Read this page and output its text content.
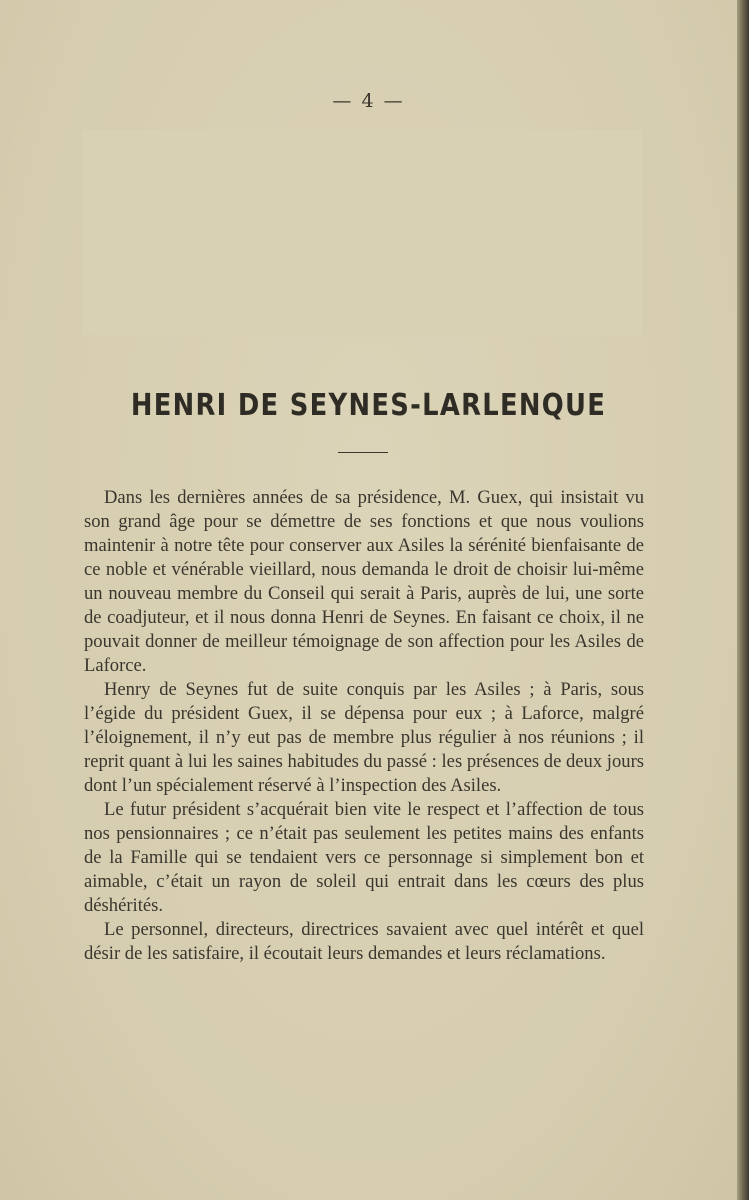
— 4 —
HENRI DE SEYNES-LARLENQUE

Dans les dernières années de sa présidence, M. Guex, qui insistait vu son grand âge pour se démettre de ses fonctions et que nous voulions maintenir à notre tête pour conserver aux Asiles la sérénité bienfaisante de ce noble et vénérable vieillard, nous demanda le droit de choisir lui-même un nouveau membre du Conseil qui serait à Paris, auprès de lui, une sorte de coadjuteur, et il nous donna Henri de Seynes. En faisant ce choix, il ne pouvait donner de meilleur témoignage de son affection pour les Asiles de Laforce.

Henry de Seynes fut de suite conquis par les Asiles ; à Paris, sous l’égide du président Guex, il se dépensa pour eux ; à Laforce, malgré l’éloignement, il n’y eut pas de membre plus régulier à nos réunions ; il reprit quant à lui les saines habitudes du passé : les présences de deux jours dont l’un spécialement réservé à l’inspection des Asiles.

Le futur président s’acquérait bien vite le respect et l’affection de tous nos pensionnaires ; ce n’était pas seulement les petites mains des enfants de la Famille qui se tendaient vers ce personnage si simplement bon et aimable, c’était un rayon de soleil qui entrait dans les cœurs des plus déshérités.

Le personnel, directeurs, directrices savaient avec quel intérêt et quel désir de les satisfaire, il écoutait leurs demandes et leurs réclamations.
